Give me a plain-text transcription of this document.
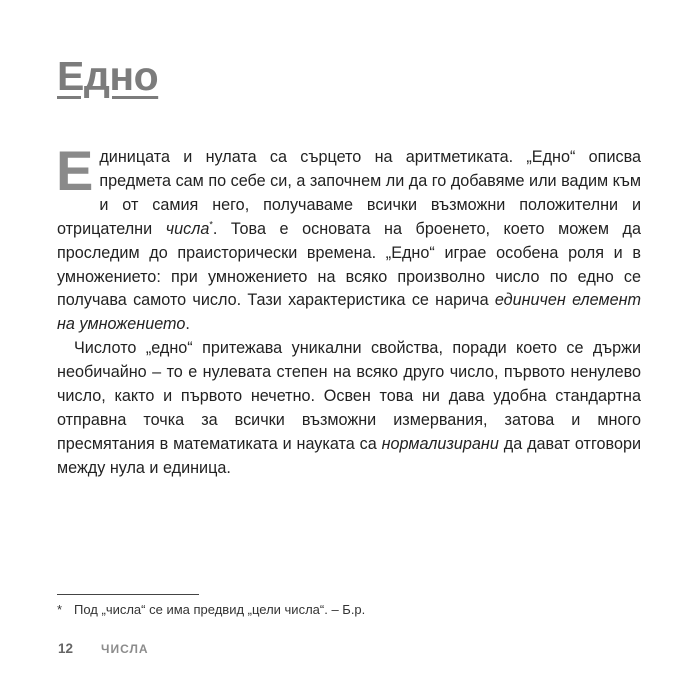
Едно

Единицата и нулата са сърцето на аритметиката. „Едно“ описва предмета сам по себе си, а започнем ли да го добавяме или вадим към и от самия него, получаваме всички възможни положителни и отрицателни числа*. Това е основата на броенето, което можем да проследим до праисторически времена. „Едно“ играе особена роля и в умножението: при умножението на всяко произволно число по едно се получава самото число. Тази характеристика се нарича единичен елемент на умножението.

Числото „едно“ притежава уникални свойства, поради което се държи необичайно – то е нулевата степен на всяко друго число, първото ненулево число, както и първото нечетно. Освен това ни дава удобна стандартна отправна точка за всички възможни измервания, затова и много пресмятания в математиката и науката са нормализирани да дават отговори между нула и единица.

* Под „числа“ се има предвид „цели числа“. – Б.р.
12 ЧИСЛА
